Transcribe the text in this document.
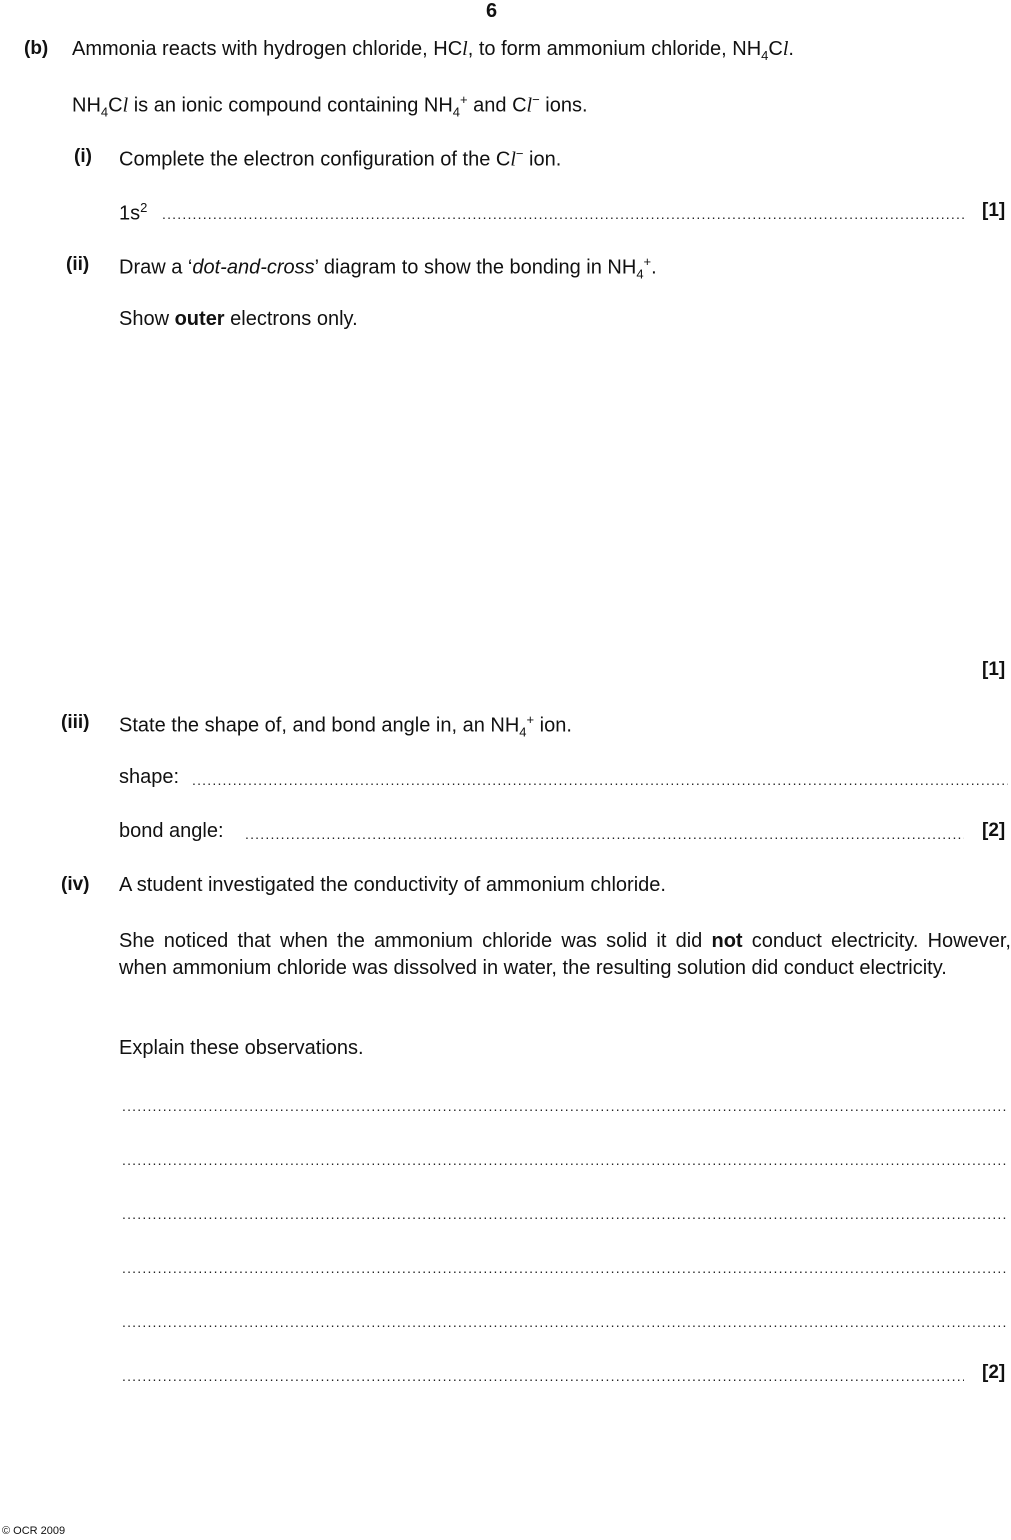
6
(b) Ammonia reacts with hydrogen chloride, HCl, to form ammonium chloride, $NH_4Cl$.
$NH_4Cl$ is an ionic compound containing $NH_4^+$ and Cl− ions.
(i) Complete the electron configuration of the Cl− ion.
$1s^2$ .....	[1]
(ii) Draw a ‘dot-and-cross’ diagram to show the bonding in $NH_4^+$.
Show outer electrons only.
[1]
(iii) State the shape of, and bond angle in, an $NH_4^+$ ion.
shape:
.....
bond angle: .....	[2]
(iv) A student investigated the conductivity of ammonium chloride.
She noticed that when the ammonium chloride was solid it did not conduct electricity. However, when ammonium chloride was dissolved in water, the resulting solution did conduct electricity.
Explain these observations.
.....
.....
.....
.....
.....
.....
[2]
© OCR 2009
